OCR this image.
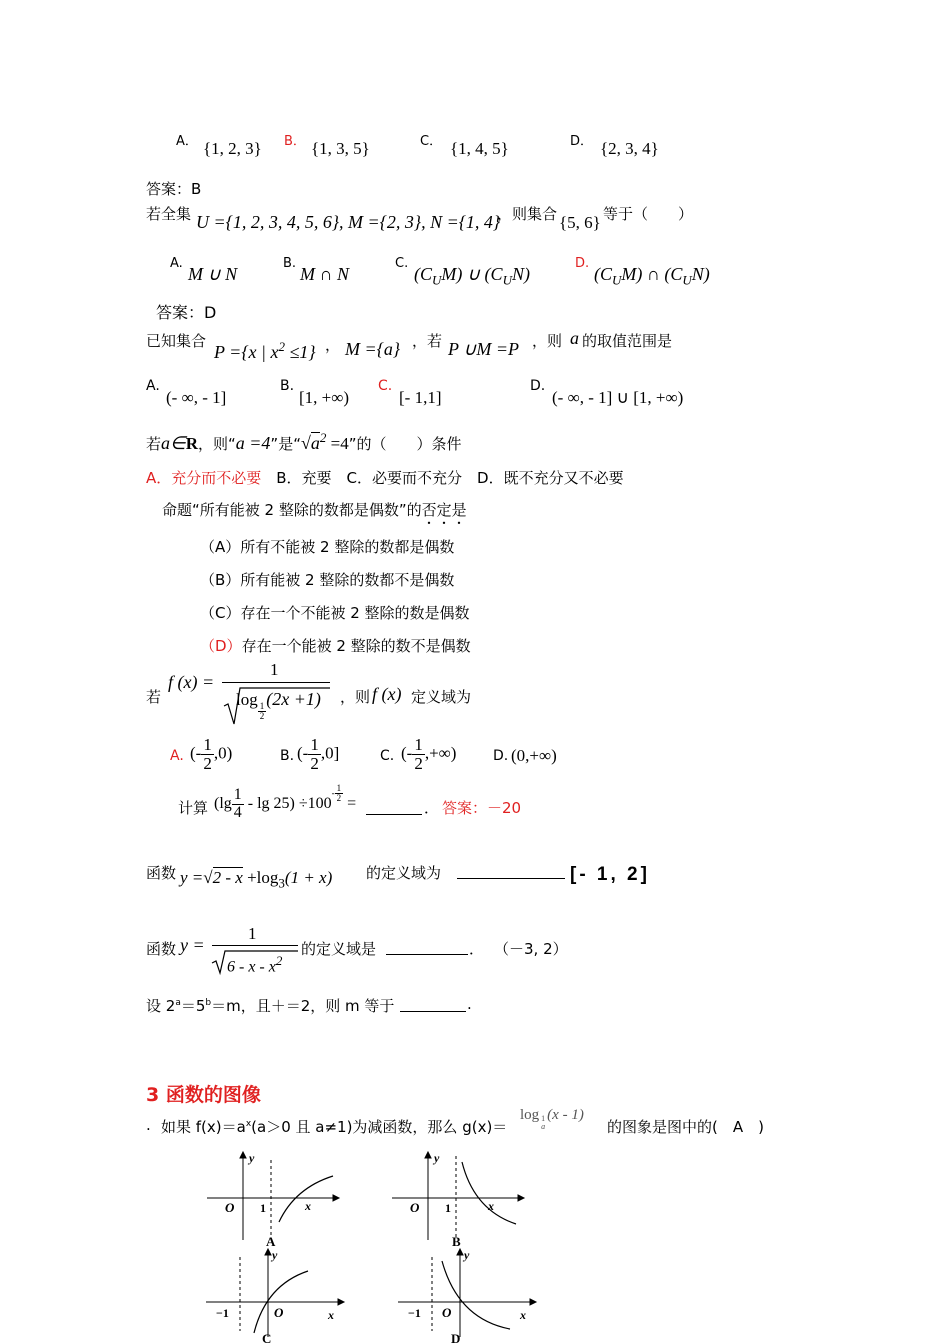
A． {1, 2, 3} B． {1, 3, 5}	C． {1, 4, 5}	D． {2, 3, 4}
答案：B
若全集 U ={1, 2, 3, 4, 5, 6}, M ={2, 3}, N ={1, 4}
，则集合 {5, 6} 等于（　　）
A.
M ∪ N
B.
M ∩ N
C.
$(C_UM)$ ∪ $(C_UN)$
D.
$(C_UM)$ ∩ $(C_UN)$
答案：D
已知集合
P ={x | $x^2 \le 1$} ， M ={a} ，若 P ∪M =P ，则 a 的取值范围是
A.
(- ∞, - 1]
B.
[1, +∞)
C.
[- 1,1]
D.
(- ∞, - 1] ∪ [1, +∞)
若a∈R，则“a =4”是“$√a^2 =4$”的（　　）条件
A．充分而不必要　B．充要　C．必要而不充分　D．既不充分又不必要
命题“所有能被 2 整除的数都是偶数”的否定是
（A）所有不能被 2 整除的数都是偶数
（B）所有能被 2 整除的数都不是偶数
（C）存在一个不能被 2 整除的数是偶数
（D）存在一个能被 2 整除的数不是偶数
若
f (x) =
1
log
$\frac{1}{2}$
(2x +1) ，则 f (x) 定义域为
A. (- $\frac{1}{2} ,0$)	B. (- $\frac{1}{2} ,0$]	C. (- $\frac{1}{2}$ ,+∞)	D. (0,+∞)
计算 $(\lg \frac{1}{4} - \lg 25) \div 100- \frac{1}{2}$ =	． 答案：－20
函数 $y =√2 - x +\log_3(1 + x)$ 的定义域为	[- 1, 2]
函数 y =
1
6 - x - $x^2$
的定义域是	． （－3, 2）
设 $2^a=5^b=m$，且＋＝2，则 m 等于	.
3 函数的图像
. 如果 $f(x)=a^x(a>0$ 且 a≠1)为减函数，那么 g(x)＝
log 1
a
(x - 1)
的图象是图中的(　A　)
y
x
O 1
A
y
x
O 1
B
y
x
O
−1
C
y
x
O
−1
D
